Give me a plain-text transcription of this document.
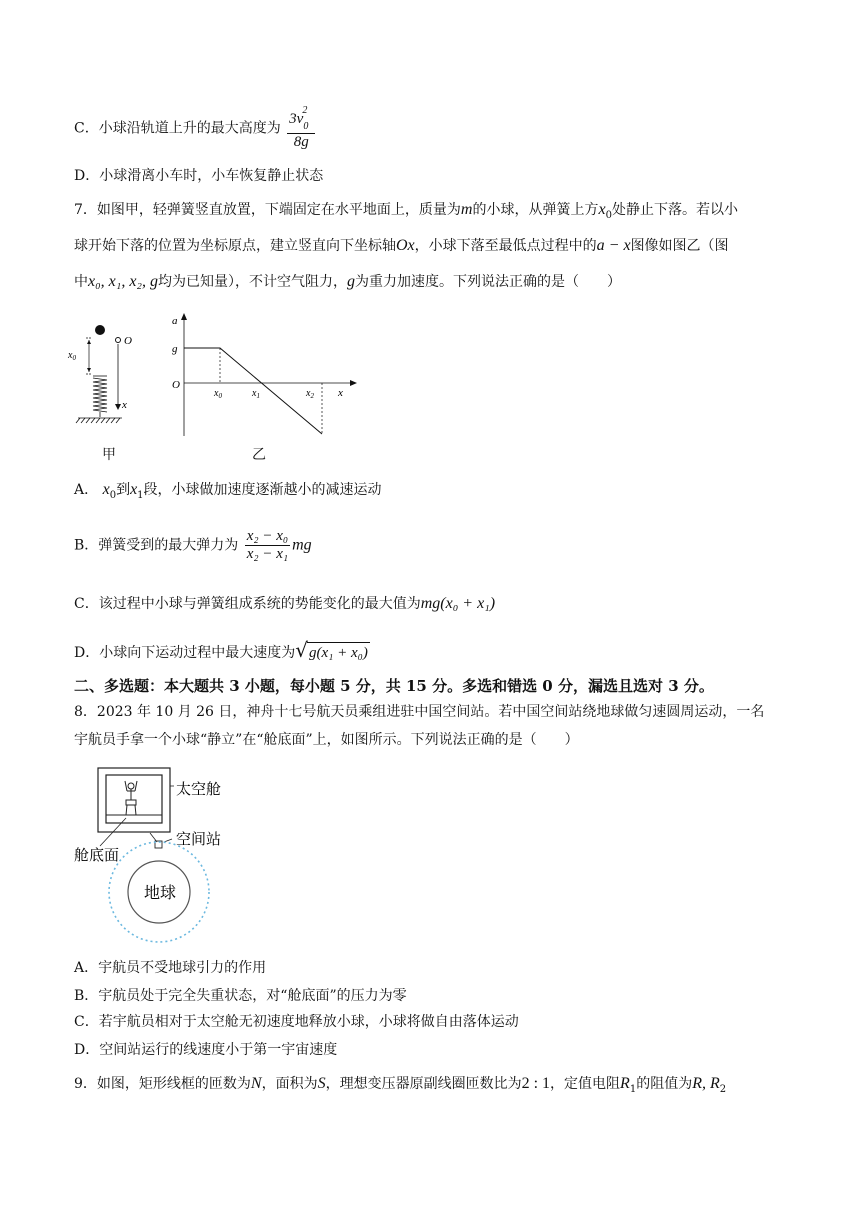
C．小球沿轨道上升的最大高度为 $\frac{3v_0^2}{8g}$
D．小球滑离小车时，小车恢复静止状态
7．如图甲，轻弹簧竖直放置，下端固定在水平地面上，质量为m的小球，从弹簧上方$x_0$处静止下落。若以小
球开始下落的位置为坐标原点，建立竖直向下坐标轴Ox，小球下落至最低点过程中的a − x图像如图乙（图
中x₀, x₁, x₂, g均为已知量），不计空气阻力，g为重力加速度。下列说法正确的是（　　）
O
x
$x_0$
a
x
g
O
$x_0$	$x_1$	$x_2$
甲	乙
A． $x_0$到$x_1$段，小球做加速度逐渐越小的减速运动
B．弹簧受到的最大弹力为 $\frac{\text{x₂ − x₀}}{\text{x₂ − x₁}}$ mg
C．该过程中小球与弹簧组成系统的势能变化的最大值为mg(x₀ + x₁)
D．小球向下运动过程中最大速度为√g(x₁ + x₀)
二、多选题：本大题共 3 小题，每小题 5 分，共 15 分。多选和错选 0 分，漏选且选对 3 分。
8．2023 年 10 月 26 日，神舟十七号航天员乘组进驻中国空间站。若中国空间站绕地球做匀速圆周运动，一名
宇航员手拿一个小球“静立”在“舱底面”上，如图所示。下列说法正确的是（　　）
太空舱
舱底面
空间站
地球
A．宇航员不受地球引力的作用
B．宇航员处于完全失重状态，对“舱底面”的压力为零
C．若宇航员相对于太空舱无初速度地释放小球，小球将做自由落体运动
D．空间站运行的线速度小于第一宇宙速度
9．如图，矩形线框的匝数为N，面积为S，理想变压器原副线圈匝数比为2 : 1，定值电阻$R_1$的阻值为R, $R_2$
